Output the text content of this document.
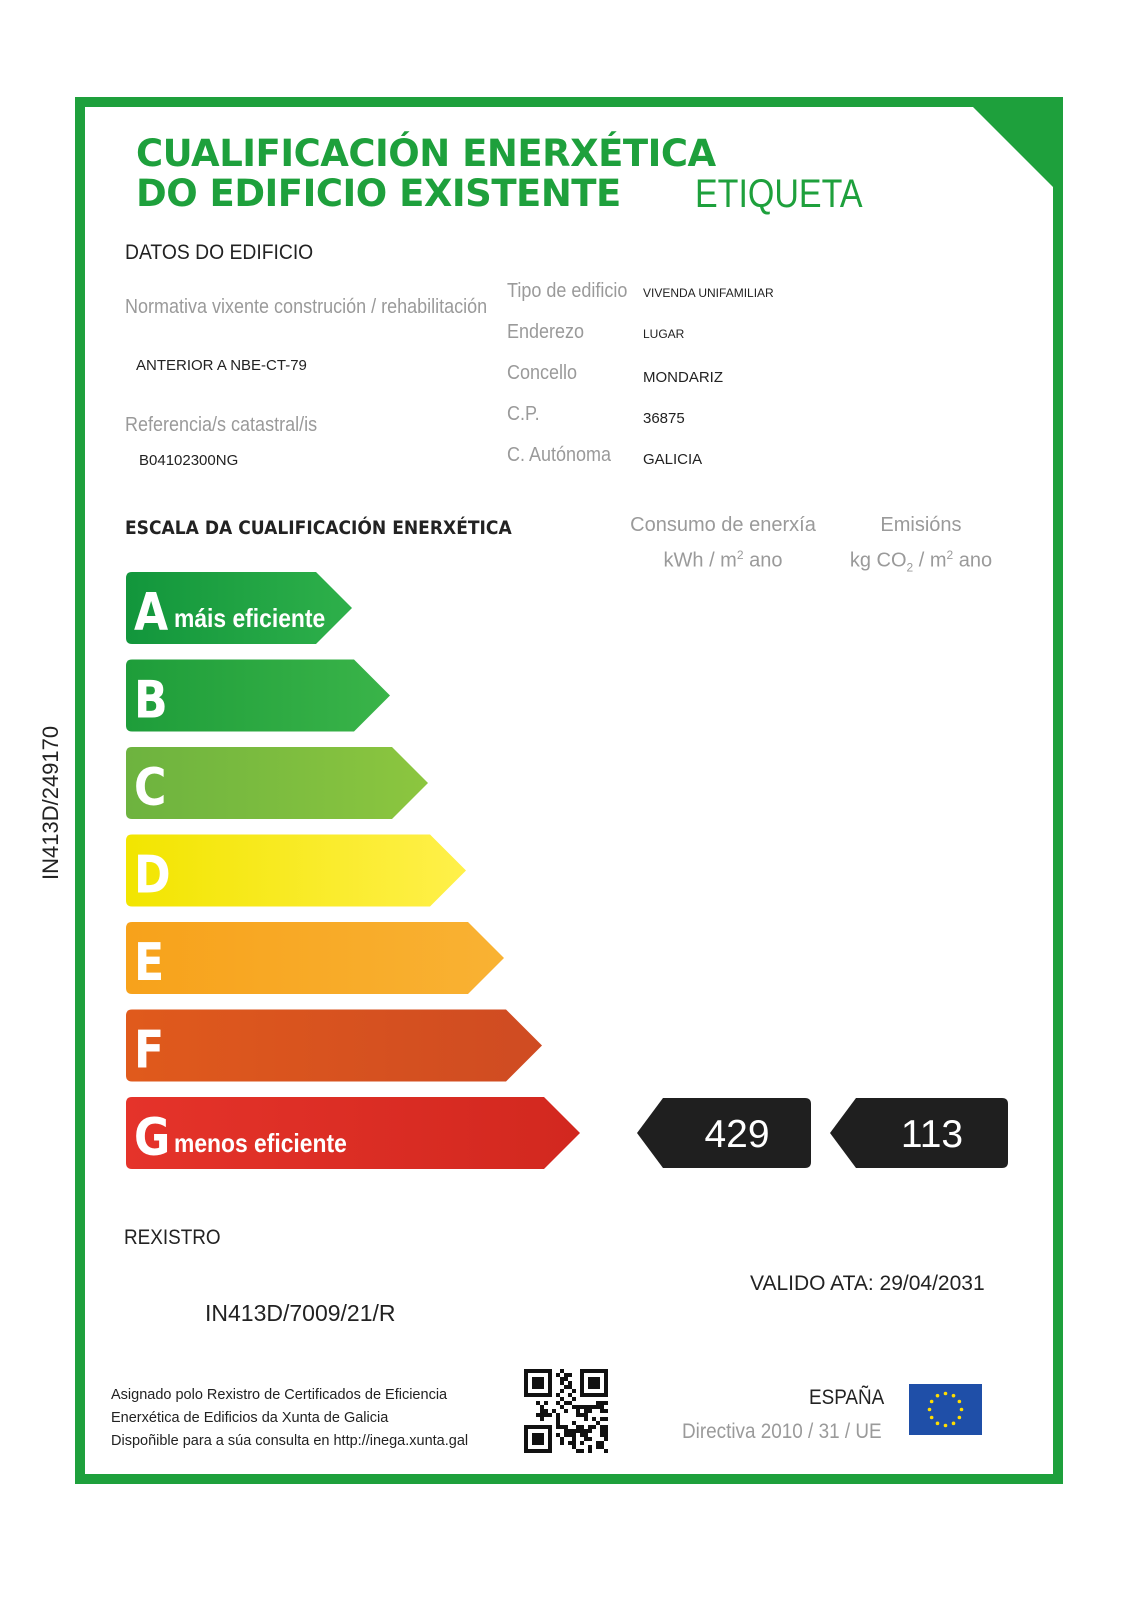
IN413D/249170
CUALIFICACIÓN ENERXÉTICA
DO EDIFICIO EXISTENTE	ETIQUETA
DATOS DO EDIFICIO
Normativa vixente construción / rehabilitación
ANTERIOR A NBE-CT-79
Referencia/s catastral/is
B04102300NG
Tipo de edificio VIVENDA UNIFAMILIAR
Enderezo	LUGAR
Concello	MONDARIZ
C.P.	36875
C. Autónoma GALICIA
ESCALA DA CUALIFICACIÓN ENERXÉTICA	Consumo de enerxía
kWh / $m^2$ ano
Emisións
kg $CO_2 / m^2$ ano
A máis eficiente
B
C
D
E
F
G menos eficiente	429	113
REXISTRO
IN413D/7009/21/R
VALIDO ATA: 29/04/2031
Asignado polo Rexistro de Certificados de Eficiencia
Enerxética de Edificios da Xunta de Galicia
Dispoñible para a súa consulta en http://inega.xunta.gal
ESPAÑA
Directiva 2010 / 31 / UE
